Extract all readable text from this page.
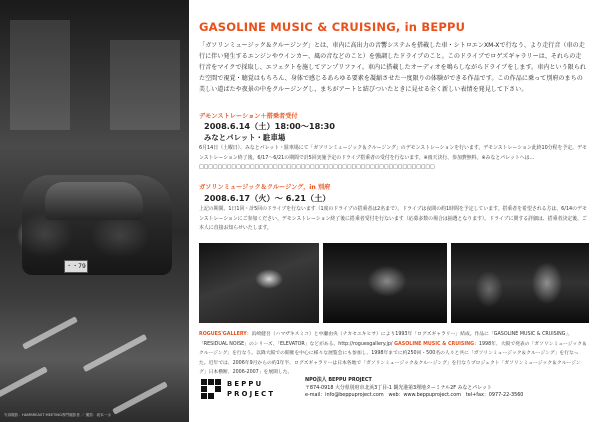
・・79
写真撮影：HAMBREAST MEETING専門撮影者 ／ 撮影：坂本一水
GASOLINE MUSIC & CRUISING, in BEPPU
「ガソリンミュージック＆クルージング」とは、車内に高出力の音響システムを搭載した車・シトロエンXM-Xで行なう、より走行音（車の走行に伴い発生するエンジンやウインカー、風の音などのこと）を強調したドライブのこと。このドライブでロゲズギャラリーは、それらの走行音をマイクで採取し、エフェクトを施してアンプリファイ。車内に搭載したオーディオを鳴らしながらドライブをします。車内という限られた空間で視覚・聴覚はもちろん、身体で感じるあらゆる要素を凝縮させた一度限りの体験ができる作品です。この作品に乗って別府のまちの美しい道ばたや夜景の中をクルージングし、まちがアートと結びついたときに見せる全く新しい表情を発見して下さい。
デモンストレーション＋搭乗者受付
2008.6.14（土）18:00～18:30
みなとパレット・駐車場
6月14日（土曜日）、みなとパレット・駐車場にて「ガソリンミュージック＆クルージング」のデモンストレーションを行います。デモンストレーション此終10分程を予定。デモンストレーション終了後、6/17～6/21の期間で計5回実施予定のドライブ搭乗者の受付を行ないます。※雨天決行、参加費無料。※みなとパレットへは…□□□□□□□□□□□□□□□□□□□□□□□□□□□□□□□□□□□□□□□□□□□□□□□□□□□
ガソリンミュージック＆クルージング，in 別府
2008.6.17（火）～ 6.21（土）
上記の期間、1日1回・計5回のドライブを行ないます（1度のドライブの搭乗者は2名まで）。ドライブは夜間の約1時間を予定しています。搭乗者を希望される方は、6/14のデモンストレーションにご参加ください。デモンストレーション終了後に搭乗者受付を行ないます（応募多数の場合は抽選となります）。ドライブに関する詳細は、搭乗者決定後、ご本人に直接お知らせいたします。
ROGUES'GALLERY：浜崎健吾（ハマザキスミコ）と中瀬由央（ナカセユキヒサ）により1993年「ログズギャラリー」結成。作品に「GASOLINE MUSIC & CRUISING」、「RESIDUAL NOISE」のシリーズ、「ELEVATOR」などがある。http://roguesgallery.jp/ GASOLINE MUSIC & CRUISING：1998年、大阪で発表の「ガソリンミュージック＆クルージング」を行なう。以降大阪での開催を中心に様々な展覧会にも参加し、1998年までに約250回・500名の人々と共に「ガソリンミュージック＆クルージング」を行なった。近年では、2006年9月からの約1年半、ログズギャラリーは日本各地で「ガソリンミュージック＆クルージング」を行なうプロジェクト「ガソリンミュージック＆クルージング」日本横断、2006-2007」を展開した。
BEPPU
PROJECT
NPO法人 BEPPU PROJECT
〒874-0918 大分県別府市北浜3丁目-1 観光港第3埋地ターミナル2F みなとパレット
e-mail：info@beppuproject.com　web：www.beppuproject.com　tel+fax：0977-22-3560
